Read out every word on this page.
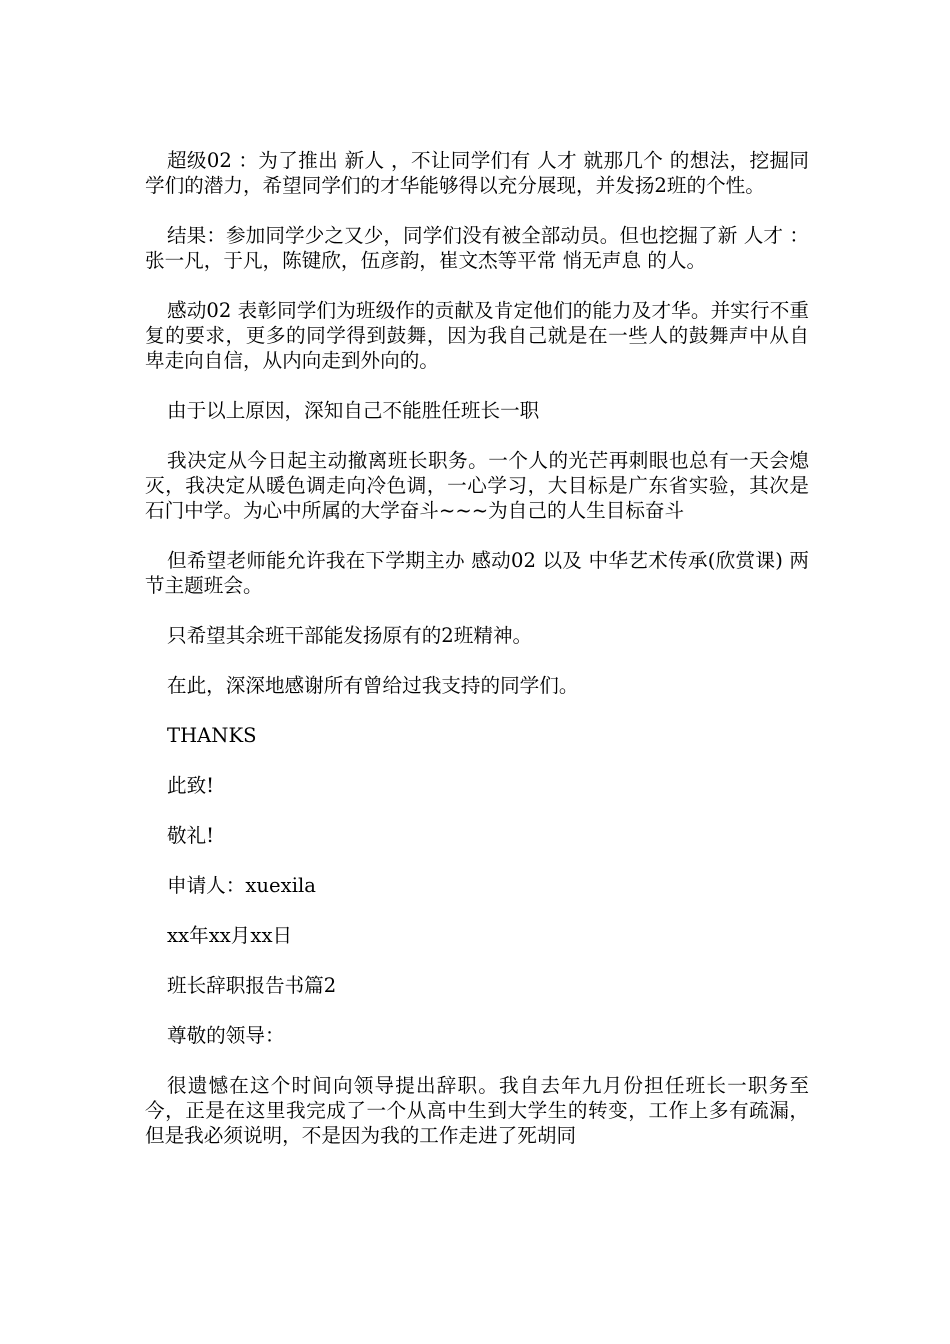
超级02 ：为了推出 新人 ，不让同学们有 人才 就那几个 的想法，挖掘同学们的潜力，希望同学们的才华能够得以充分展现，并发扬2班的个性。

结果：参加同学少之又少，同学们没有被全部动员。但也挖掘了新 人才 ：张一凡，于凡，陈键欣，伍彦韵，崔文杰等平常 悄无声息 的人。

感动02 表彰同学们为班级作的贡献及肯定他们的能力及才华。并实行不重复的要求，更多的同学得到鼓舞，因为我自己就是在一些人的鼓舞声中从自卑走向自信，从内向走到外向的。

由于以上原因，深知自己不能胜任班长一职

我决定从今日起主动撤离班长职务。一个人的光芒再刺眼也总有一天会熄灭，我决定从暖色调走向冷色调，一心学习，大目标是广东省实验，其次是石门中学。为心中所属的大学奋斗~~~为自己的人生目标奋斗

但希望老师能允许我在下学期主办 感动02 以及 中华艺术传承(欣赏课) 两节主题班会。

只希望其余班干部能发扬原有的2班精神。

在此，深深地感谢所有曾给过我支持的同学们。

THANKS

此致!

敬礼!

申请人：xuexila

xx年xx月xx日

班长辞职报告书篇2

尊敬的领导：

很遗憾在这个时间向领导提出辞职。我自去年九月份担任班长一职务至今，正是在这里我完成了一个从高中生到大学生的转变，工作上多有疏漏，但是我必须说明，不是因为我的工作走进了死胡同
